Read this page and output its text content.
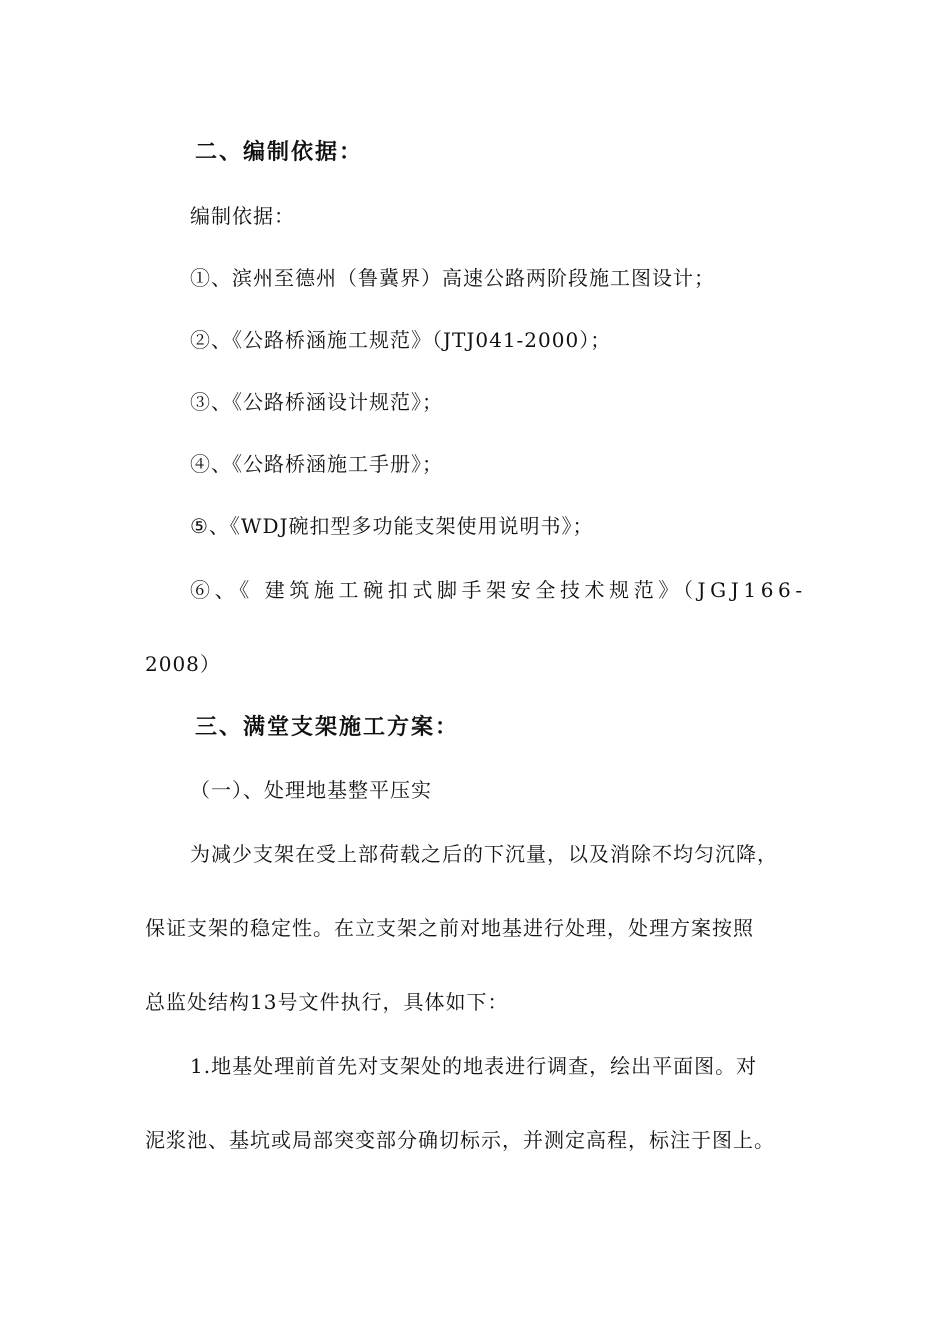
二、编制依据：
编制依据：
①、滨州至德州（鲁冀界）高速公路两阶段施工图设计；
②、《公路桥涵施工规范》（JTJ041-2000）；
③、《公路桥涵设计规范》；
④、《公路桥涵施工手册》；
⑤、《WDJ碗扣型多功能支架使用说明书》；
⑥、《 建筑施工碗扣式脚手架安全技术规范》（JGJ166-
2008）
三、满堂支架施工方案：
（一）、处理地基整平压实
为减少支架在受上部荷载之后的下沉量，以及消除不均匀沉降，
保证支架的稳定性。在立支架之前对地基进行处理，处理方案按照
总监处结构13号文件执行，具体如下：
1.地基处理前首先对支架处的地表进行调查，绘出平面图。对
泥浆池、基坑或局部突变部分确切标示，并测定高程，标注于图上。
